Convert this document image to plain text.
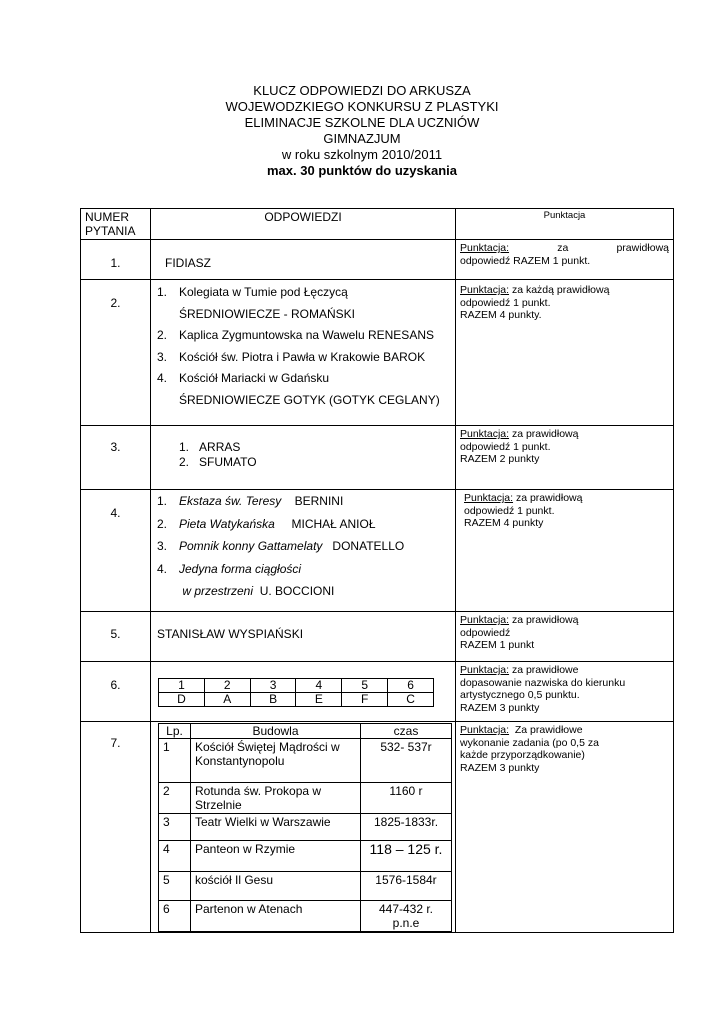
KLUCZ ODPOWIEDZI DO ARKUSZA
WOJEWODZKIEGO KONKURSU Z PLASTYKI
ELIMINACJE SZKOLNE DLA UCZNIÓW
GIMNAZJUM
w roku szkolnym 2010/2011
max. 30 punktów do uzyskania
NUMER PYTANIA	ODPOWIEDZI	Punktacja
1.	FIDIASZ	
Punktacja: za prawidłową
odpowiedź RAZEM 1 punkt.

2.	
1. Kolegiata w Tumie pod Łęczycą
ŚREDNIOWIECZE - ROMAŃSKI
2. Kaplica Zygmuntowska na Wawelu RENESANS
3. Kościół św. Piotra i Pawła w Krakowie BAROK
4. Kościół Mariacki w Gdańsku
ŚREDNIOWIECZE GOTYK (GOTYK CEGLANY)

Punktacja: za każdą prawidłową
odpowiedź 1 punkt.
RAZEM 4 punkty.

3.	1. ARRAS
2. SFUMATO

Punktacja: za prawidłową
odpowiedź 1 punkt.
RAZEM 2 punkty

4.	
1. Ekstaza św. Teresy    BERNINI
2. Pieta Watykańska     MICHAŁ ANIOŁ
3. Pomnik konny Gattamelaty   DONATELLO
4. Jedyna forma ciągłości
w przestrzeni  U. BOCCIONI

Punktacja: za prawidłową
odpowiedź 1 punkt.
RAZEM 4 punkty

5.	STANISŁAW WYSPIAŃSKI	
Punktacja: za prawidłową
odpowiedź
RAZEM 1 punkt

6.		1	2	3	4	5	6
D	A	B	E	F	C

Punktacja: za prawidłowe
dopasowanie nazwiska do kierunku
artystycznego 0,5 punktu.
RAZEM 3 punkty

7.	
Lp.	Budowla	czas
1	Kościół Świętej Mądrości w Konstantynopolu	532- 537r
2	Rotunda św. Prokopa w Strzelnie	1160 r
3	Teatr Wielki w Warszawie	1825-1833r.
4	Panteon w Rzymie	118 – 125 r.
5	kościół Il Gesu	1576-1584r
6	Partenon w Atenach	447-432 r. p.n.e

Punktacja:  Za prawidłowe
wykonanie zadania (po 0,5 za
każde przyporządkowanie)
RAZEM 3 punkty
